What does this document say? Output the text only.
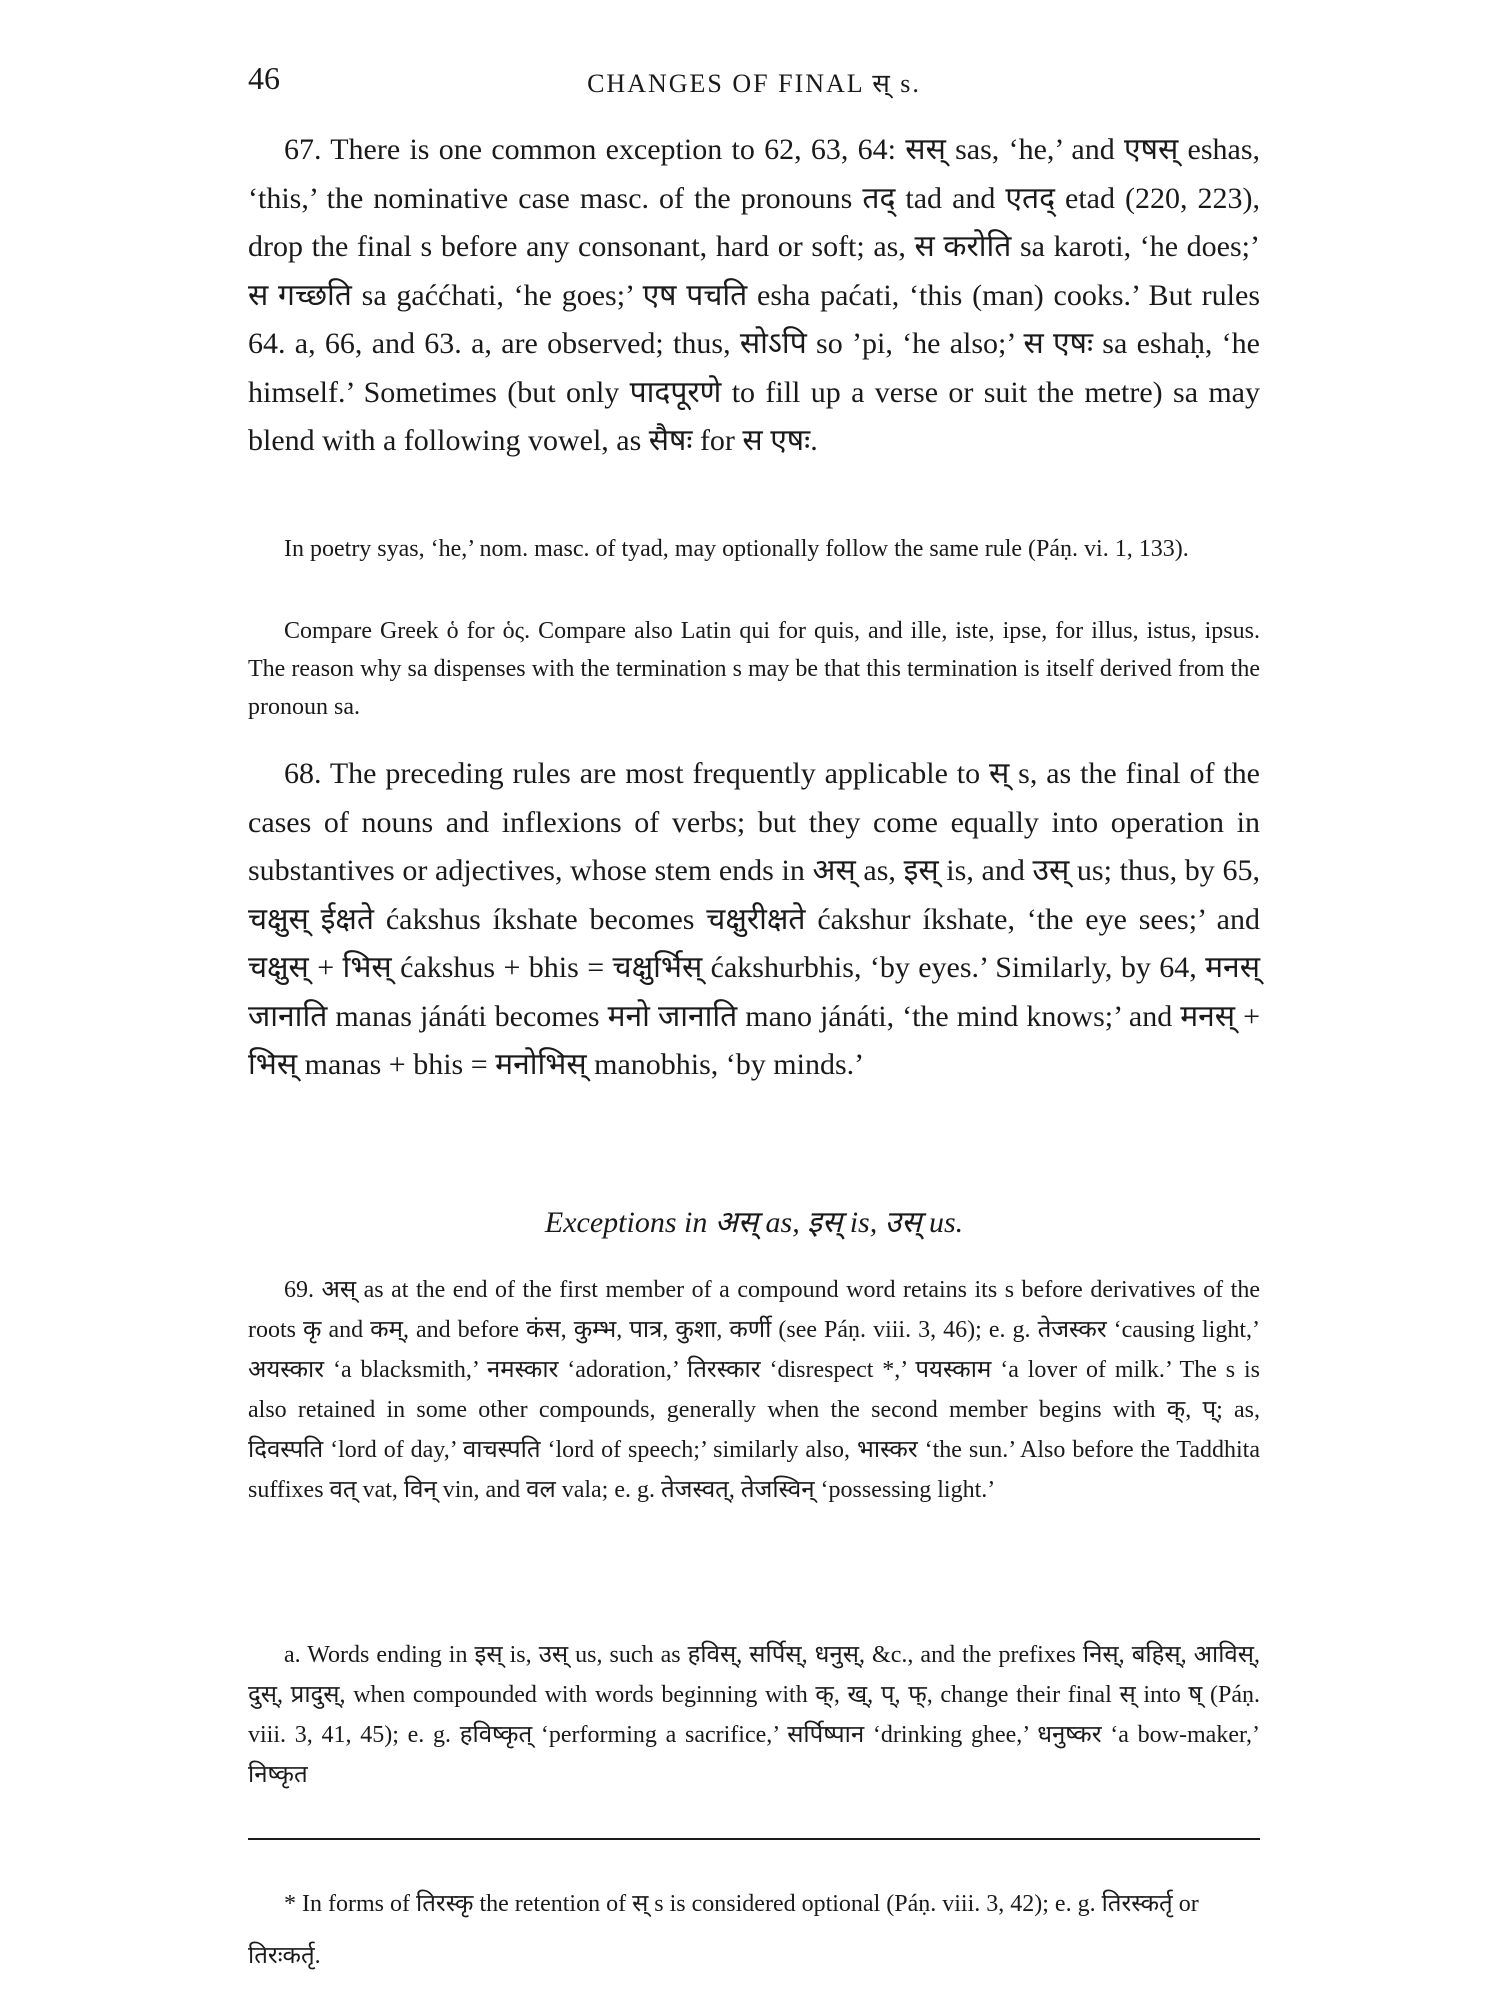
46	CHANGES OF FINAL स् s.

67. There is one common exception to 62, 63, 64: सस् sas, ‘he,’ and एषस् eshas, ‘this,’ the nominative case masc. of the pronouns तद् tad and एतद् etad (220, 223), drop the final s before any consonant, hard or soft; as, स करोति sa karoti, ‘he does;’ स गच्छति sa gaććhati, ‘he goes;’ एष पचति esha paćati, ‘this (man) cooks.’ But rules 64. a, 66, and 63. a, are observed; thus, सोऽपि so ’pi, ‘he also;’ स एषः sa eshaḥ, ‘he himself.’ Sometimes (but only पादपूरणे to fill up a verse or suit the metre) sa may blend with a following vowel, as सैषः for स एषः.

In poetry syas, ‘he,’ nom. masc. of tyad, may optionally follow the same rule (Páṇ. vi. 1, 133).

Compare Greek ὁ for ὁς. Compare also Latin qui for quis, and ille, iste, ipse, for illus, istus, ipsus. The reason why sa dispenses with the termination s may be that this termination is itself derived from the pronoun sa.

68. The preceding rules are most frequently applicable to स् s, as the final of the cases of nouns and inflexions of verbs; but they come equally into operation in substantives or adjectives, whose stem ends in अस् as, इस् is, and उस् us; thus, by 65, चक्षुस् ईक्षते ćakshus íkshate becomes चक्षुरीक्षते ćakshur íkshate, ‘the eye sees;’ and चक्षुस् + भिस् ćakshus + bhis = चक्षुर्भिस् ćakshurbhis, ‘by eyes.’ Similarly, by 64, मनस् जानाति manas jánáti becomes मनो जानाति mano jánáti, ‘the mind knows;’ and मनस् + भिस् manas + bhis = मनोभिस् manobhis, ‘by minds.’

Exceptions in अस् as, इस् is, उस् us.

69. अस् as at the end of the first member of a compound word retains its s before derivatives of the roots कृ and कम्, and before कंस, कुम्भ, पात्र, कुशा, कर्णी (see Páṇ. viii. 3, 46); e. g. तेजस्कर ‘causing light,’ अयस्कार ‘a blacksmith,’ नमस्कार ‘adoration,’ तिरस्कार ‘disrespect *,’ पयस्काम ‘a lover of milk.’ The s is also retained in some other compounds, generally when the second member begins with क्, प्; as, दिवस्पति ‘lord of day,’ वाचस्पति ‘lord of speech;’ similarly also, भास्कर ‘the sun.’ Also before the Taddhita suffixes वत् vat, विन् vin, and वल vala; e. g. तेजस्वत्, तेजस्विन् ‘possessing light.’

a. Words ending in इस् is, उस् us, such as हविस्, सर्पिस्, धनुस्, &c., and the prefixes निस्, बहिस्, आविस्, दुस्, प्रादुस्, when compounded with words beginning with क्, ख्, प्, फ्, change their final स् into ष् (Páṇ. viii. 3, 41, 45); e. g. हविष्कृत् ‘performing a sacrifice,’ सर्पिष्पान ‘drinking ghee,’ धनुष्कर ‘a bow-maker,’ निष्कृत

* In forms of तिरस्कृ the retention of स् s is considered optional (Páṇ. viii. 3, 42); e. g. तिरस्कर्तृ or तिरःकर्तृ.
